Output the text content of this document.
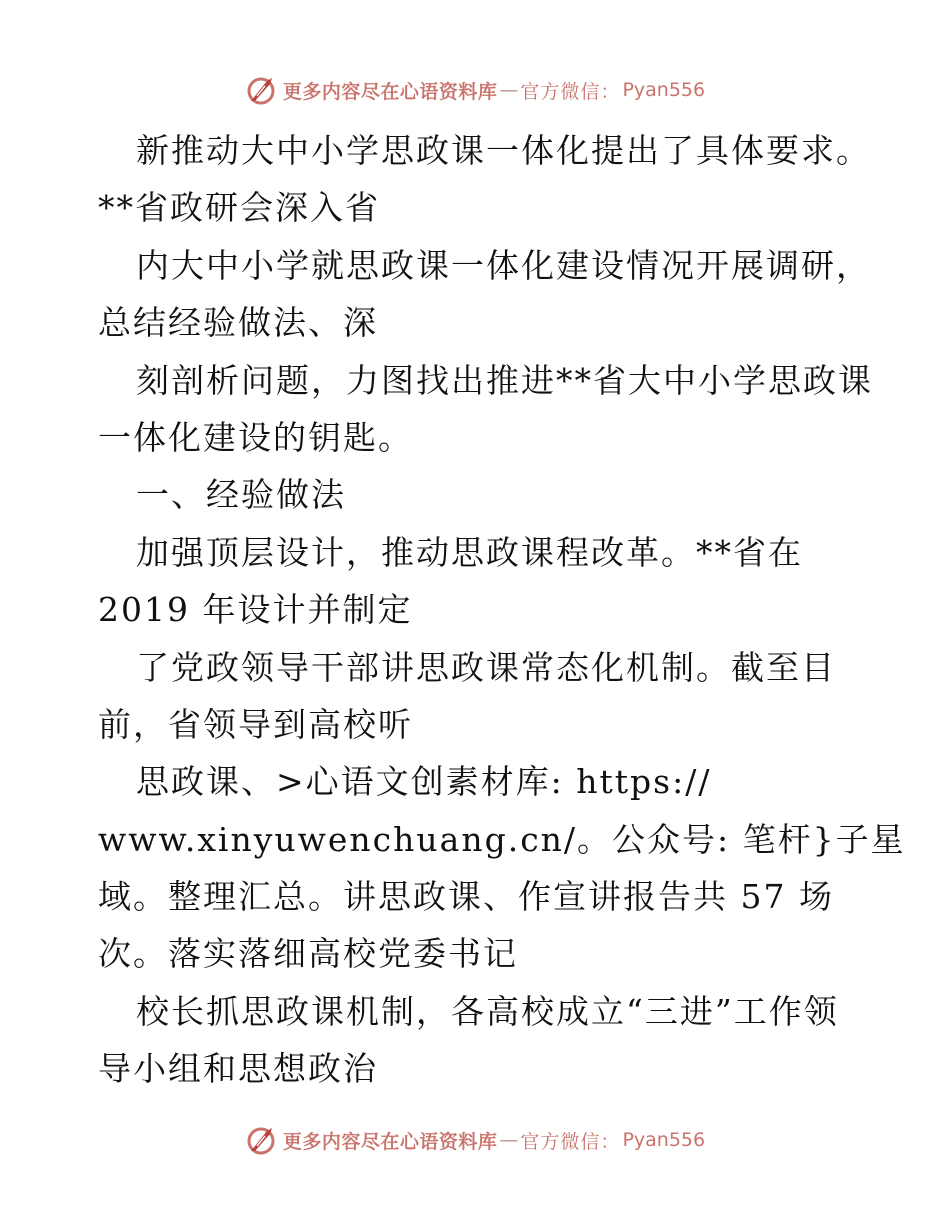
更多内容尽在心语资料库 — 官方微信： Pyan556
新推动大中小学思政课一体化提出了具体要求。
**省政研会深入省
内大中小学就思政课一体化建设情况开展调研，
总结经验做法、深
刻剖析问题，力图找出推进**省大中小学思政课
一体化建设的钥匙。
一、经验做法
加强顶层设计，推动思政课程改革。**省在
2019 年设计并制定
了党政领导干部讲思政课常态化机制。截至目
前，省领导到高校听
思政课、>心语文创素材库: https://
www.xinyuwenchuang.cn/。公众号: 笔杆}子星
域。整理汇总。讲思政课、作宣讲报告共 57 场
次。落实落细高校党委书记
校长抓思政课机制，各高校成立“三进”工作领
导小组和思想政治
更多内容尽在心语资料库 — 官方微信： Pyan556
